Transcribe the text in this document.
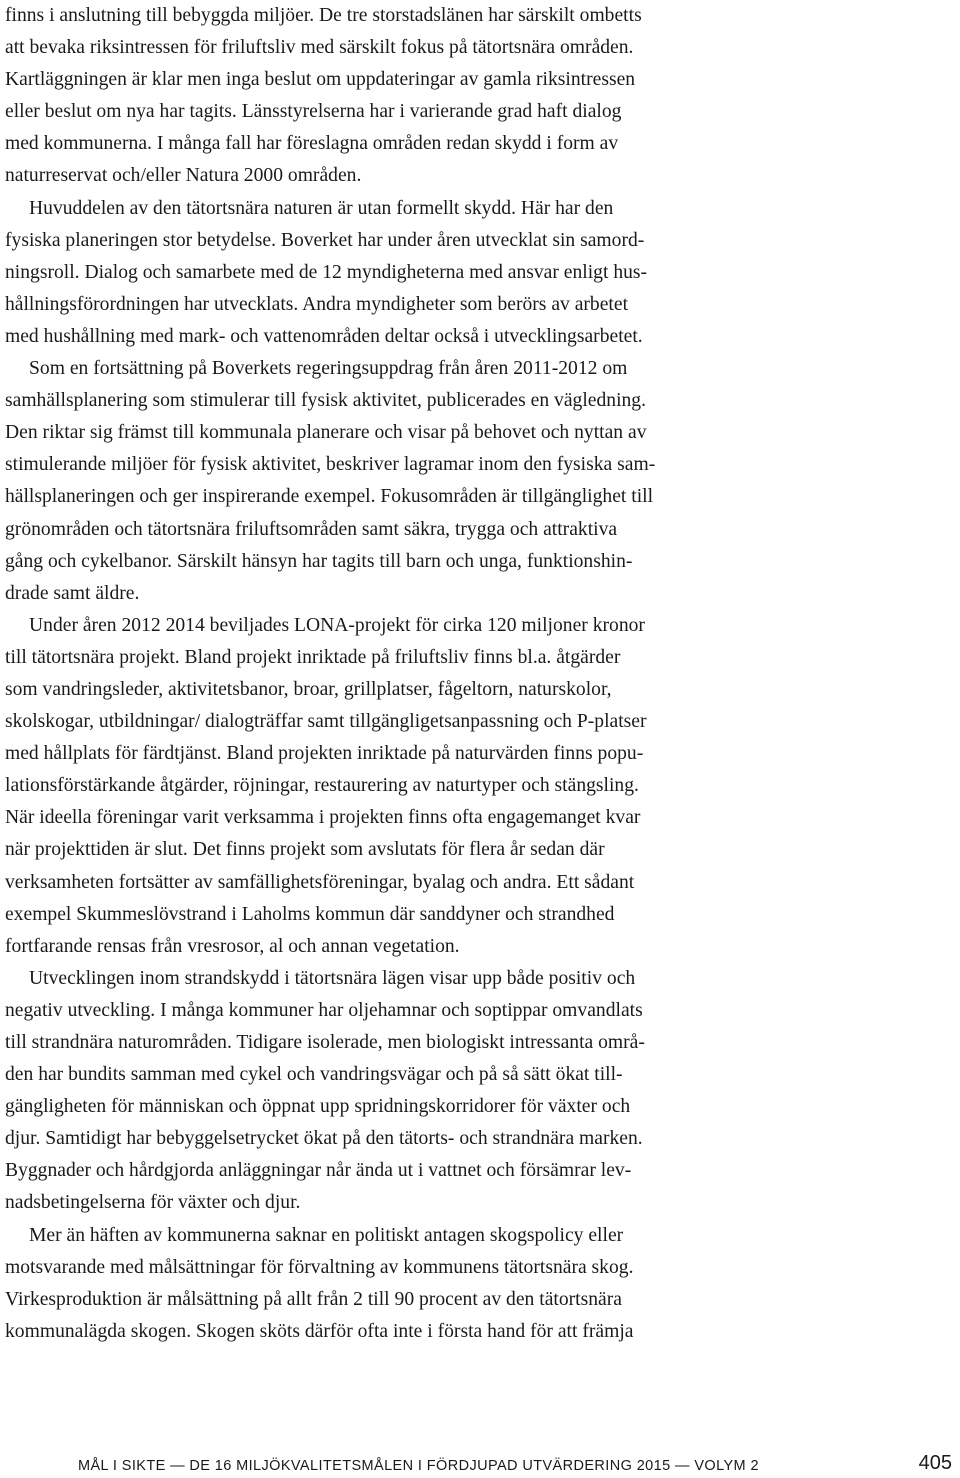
finns i anslutning till bebyggda miljöer. De tre storstadslänen har särskilt ombetts
att bevaka riksintressen för friluftsliv med särskilt fokus på tätortsnära områden.
Kartläggningen är klar men inga beslut om uppdateringar av gamla riksintressen
eller beslut om nya har tagits. Länsstyrelserna har i varierande grad haft dialog
med kommunerna. I många fall har föreslagna områden redan skydd i form av
naturreservat och/eller Natura 2000 områden.
Huvuddelen av den tätortsnära naturen är utan formellt skydd. Här har den
fysiska planeringen stor betydelse. Boverket har under åren utvecklat sin samord-
ningsroll. Dialog och samarbete med de 12 myndigheterna med ansvar enligt hus-
hållningsförordningen har utvecklats. Andra myndigheter som berörs av arbetet
med hushållning med mark- och vattenområden deltar också i utvecklingsarbetet.
Som en fortsättning på Boverkets regeringsuppdrag från åren 2011-2012 om
samhällsplanering som stimulerar till fysisk aktivitet, publicerades en vägledning.
Den riktar sig främst till kommunala planerare och visar på behovet och nyttan av
stimulerande miljöer för fysisk aktivitet, beskriver lagramar inom den fysiska sam-
hällsplaneringen och ger inspirerande exempel. Fokusområden är tillgänglighet till
grönområden och tätortsnära friluftsområden samt säkra, trygga och attraktiva
gång och cykelbanor. Särskilt hänsyn har tagits till barn och unga, funktionshin-
drade samt äldre.
Under åren 2012 2014 beviljades LONA-projekt för cirka 120 miljoner kronor
till tätortsnära projekt. Bland projekt inriktade på friluftsliv finns bl.a. åtgärder
som vandringsleder, aktivitetsbanor, broar, grillplatser, fågeltorn, naturskolor,
skolskogar, utbildningar/ dialogträffar samt tillgängligetsanpassning och P-platser
med hållplats för färdtjänst. Bland projekten inriktade på naturvärden finns popu-
lationsförstärkande åtgärder, röjningar, restaurering av naturtyper och stängsling.
När ideella föreningar varit verksamma i projekten finns ofta engagemanget kvar
när projekttiden är slut. Det finns projekt som avslutats för flera år sedan där
verksamheten fortsätter av samfällighetsföreningar, byalag och andra. Ett sådant
exempel Skummeslövstrand i Laholms kommun där sanddyner och strandhed
fortfarande rensas från vresrosor, al och annan vegetation.
Utvecklingen inom strandskydd i tätortsnära lägen visar upp både positiv och
negativ utveckling. I många kommuner har oljehamnar och soptippar omvandlats
till strandnära naturområden. Tidigare isolerade, men biologiskt intressanta områ-
den har bundits samman med cykel och vandringsvägar och på så sätt ökat till-
gängligheten för människan och öppnat upp spridningskorridorer för växter och
djur. Samtidigt har bebyggelsetrycket ökat på den tätorts- och strandnära marken.
Byggnader och hårdgjorda anläggningar når ända ut i vattnet och försämrar lev-
nadsbetingelserna för växter och djur.
Mer än häften av kommunerna saknar en politiskt antagen skogspolicy eller
motsvarande med målsättningar för förvaltning av kommunens tätortsnära skog.
Virkesproduktion är målsättning på allt från 2 till 90 procent av den tätortsnära
kommunalägda skogen. Skogen sköts därför ofta inte i första hand för att främja
MÅL I SIKTE — DE 16 MILJÖKVALITETSMÅLEN I FÖRDJUPAD UTVÄRDERING 2015 — VOLYM 2	405
